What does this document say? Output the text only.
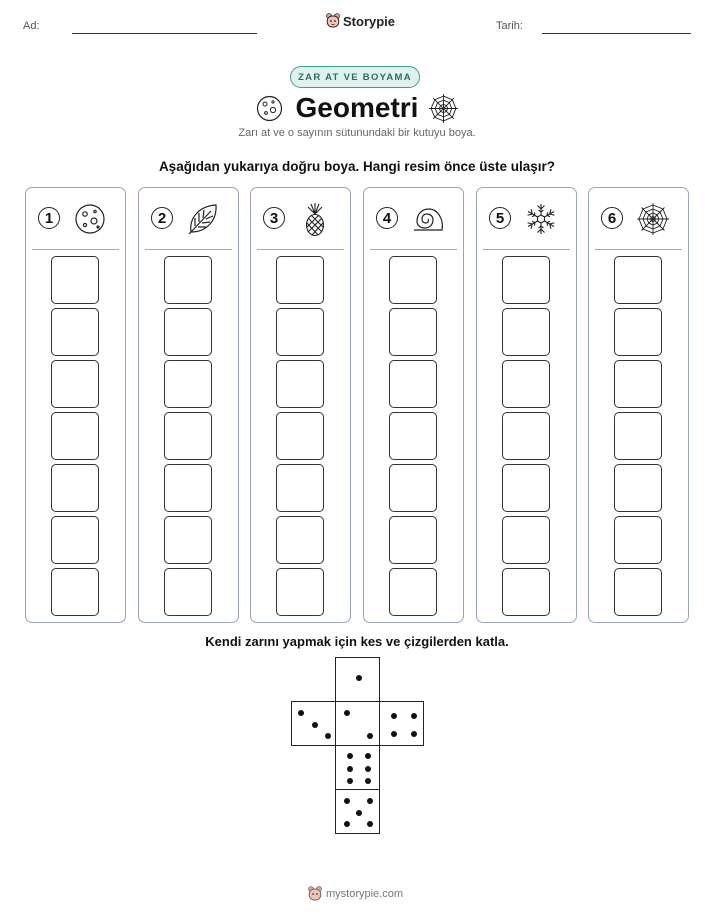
Ad:	Storypie	Tarih:
ZAR AT VE BOYAMA
Geometri
Zarı at ve o sayının sütunundaki bir kutuyu boya.
Aşağıdan yukarıya doğru boya. Hangi resim önce üste ulaşır?
1	2	3	4	5	6
Kendi zarını yapmak için kes ve çizgilerden katla.
mystorypie.com
